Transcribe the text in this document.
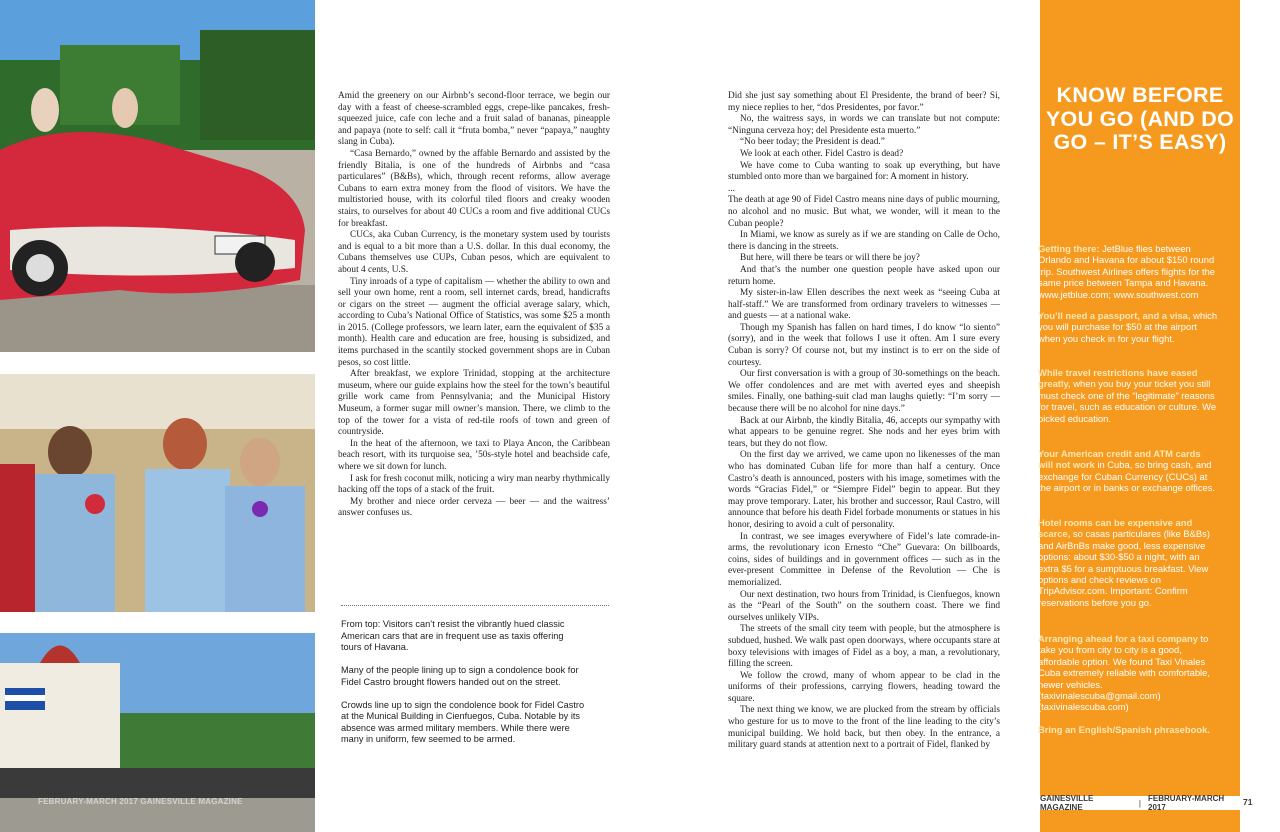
FEBRUARY-MARCH 2017 GAINESVILLE MAGAZINE

Amid the greenery on our Airbnb’s second-floor terrace, we begin our day with a feast of cheese-scrambled eggs, crepe-like pancakes, fresh-squeezed juice, cafe con leche and a fruit salad of bananas, pineapple and papaya (note to self: call it “fruta bomba,” never “papaya,” naughty slang in Cuba).

“Casa Bernardo,” owned by the affable Bernardo and assisted by the friendly Bitalia, is one of the hundreds of Airbnbs and “casa particulares” (B&Bs), which, through recent reforms, allow average Cubans to earn extra money from the flood of visitors. We have the multistoried house, with its colorful tiled floors and creaky wooden stairs, to ourselves for about 40 CUCs a room and five additional CUCs for breakfast.

CUCs, aka Cuban Currency, is the monetary system used by tourists and is equal to a bit more than a U.S. dollar. In this dual economy, the Cubans themselves use CUPs, Cuban pesos, which are equivalent to about 4 cents, U.S.

Tiny inroads of a type of capitalism — whether the ability to own and sell your own home, rent a room, sell internet cards, bread, handicrafts or cigars on the street — augment the official average salary, which, according to Cuba’s National Office of Statistics, was some $25 a month in 2015. (College professors, we learn later, earn the equivalent of $35 a month). Health care and education are free, housing is subsidized, and items purchased in the scantily stocked government shops are in Cuban pesos, so cost little.

After breakfast, we explore Trinidad, stopping at the architecture museum, where our guide explains how the steel for the town’s beautiful grille work came from Pennsylvania; and the Municipal History Museum, a former sugar mill owner’s mansion. There, we climb to the top of the tower for a vista of red-tile roofs of town and green of countryside.

In the heat of the afternoon, we taxi to Playa Ancon, the Caribbean beach resort, with its turquoise sea, ’50s-style hotel and beachside cafe, where we sit down for lunch.

I ask for fresh coconut milk, noticing a wiry man nearby rhythmically hacking off the tops of a stack of the fruit.

My brother and niece order cerveza — beer — and the waitress’ answer confuses us.

From top: Visitors can’t resist the vibrantly hued classic American cars that are in frequent use as taxis offering tours of Havana.

Many of the people lining up to sign a condolence book for Fidel Castro brought flowers handed out on the street.

Crowds line up to sign the condolence book for Fidel Castro at the Munical Building in Cienfuegos, Cuba. Notable by its absence was armed military members. While there were many in uniform, few seemed to be armed.

Did she just say something about El Presidente, the brand of beer? Si, my niece replies to her, “dos Presidentes, por favor.”

No, the waitress says, in words we can translate but not compute: “Ninguna cerveza hoy; del Presidente esta muerto.”

“No beer today; the President is dead.”

We look at each other. Fidel Castro is dead?

We have come to Cuba wanting to soak up everything, but have stumbled onto more than we bargained for: A moment in history.

...

The death at age 90 of Fidel Castro means nine days of public mourning, no alcohol and no music. But what, we wonder, will it mean to the Cuban people?

In Miami, we know as surely as if we are standing on Calle de Ocho, there is dancing in the streets.

But here, will there be tears or will there be joy?

And that’s the number one question people have asked upon our return home.

My sister-in-law Ellen describes the next week as “seeing Cuba at half-staff.” We are transformed from ordinary travelers to witnesses — and guests — at a national wake.

Though my Spanish has fallen on hard times, I do know “lo siento” (sorry), and in the week that follows I use it often. Am I sure every Cuban is sorry? Of course not, but my instinct is to err on the side of courtesy.

Our first conversation is with a group of 30-somethings on the beach. We offer condolences and are met with averted eyes and sheepish smiles. Finally, one bathing-suit clad man laughs quietly: “I’m sorry — because there will be no alcohol for nine days.”

Back at our Airbnb, the kindly Bitalia, 46, accepts our sympathy with what appears to be genuine regret. She nods and her eyes brim with tears, but they do not flow.

On the first day we arrived, we came upon no likenesses of the man who has dominated Cuban life for more than half a century. Once Castro’s death is announced, posters with his image, sometimes with the words “Gracias Fidel,” or “Siempre Fidel” begin to appear. But they may prove temporary. Later, his brother and successor, Raul Castro, will announce that before his death Fidel forbade monuments or statues in his honor, desiring to avoid a cult of personality.

In contrast, we see images everywhere of Fidel’s late comrade-in-arms, the revolutionary icon Ernesto “Che” Guevara: On billboards, coins, sides of buildings and in government offices — such as in the ever-present Committee in Defense of the Revolution — Che is memorialized.

Our next destination, two hours from Trinidad, is Cienfuegos, known as the “Pearl of the South” on the southern coast. There we find ourselves unlikely VIPs.

The streets of the small city teem with people, but the atmosphere is subdued, hushed. We walk past open doorways, where occupants stare at boxy televisions with images of Fidel as a boy, a man, a revolutionary, filling the screen.

We follow the crowd, many of whom appear to be clad in the uniforms of their professions, carrying flowers, heading toward the square.

The next thing we know, we are plucked from the stream by officials who gesture for us to move to the front of the line leading to the city’s municipal building. We hold back, but then obey. In the entrance, a military guard stands at attention next to a portrait of Fidel, flanked by

KNOW BEFORE YOU GO (AND DO GO – IT’S EASY)
Getting there: JetBlue flies between Orlando and Havana for about $150 round trip. Southwest Airlines offers flights for the same price between Tampa and Havana. www.jetblue.com; www.southwest.com
You’ll need a passport, and a visa, which you will purchase for $50 at the airport when you check in for your flight.
While travel restrictions have eased greatly, when you buy your ticket you still must check one of the “legitimate” reasons for travel, such as education or culture. We picked education.
Your American credit and ATM cards will not work in Cuba, so bring cash, and exchange for Cuban Currency (CUCs) at the airport or in banks or exchange offices.
Hotel rooms can be expensive and scarce, so casas particulares (like B&Bs) and AirBnBs make good, less expensive options: about $30-$50 a night, with an extra $5 for a sumptuous breakfast. View options and check reviews on TripAdvisor.com. Important: Confirm reservations before you go.
Arranging ahead for a taxi company to take you from city to city is a good, affordable option. We found Taxi Vinales Cuba extremely reliable with comfortable, newer vehicles. (taxivinalescuba@gmail.com) (taxivinalescuba.com)
Bring an English/Spanish phrasebook.
GAINESVILLE MAGAZINE	| FEBRUARY-MARCH 2017
71
